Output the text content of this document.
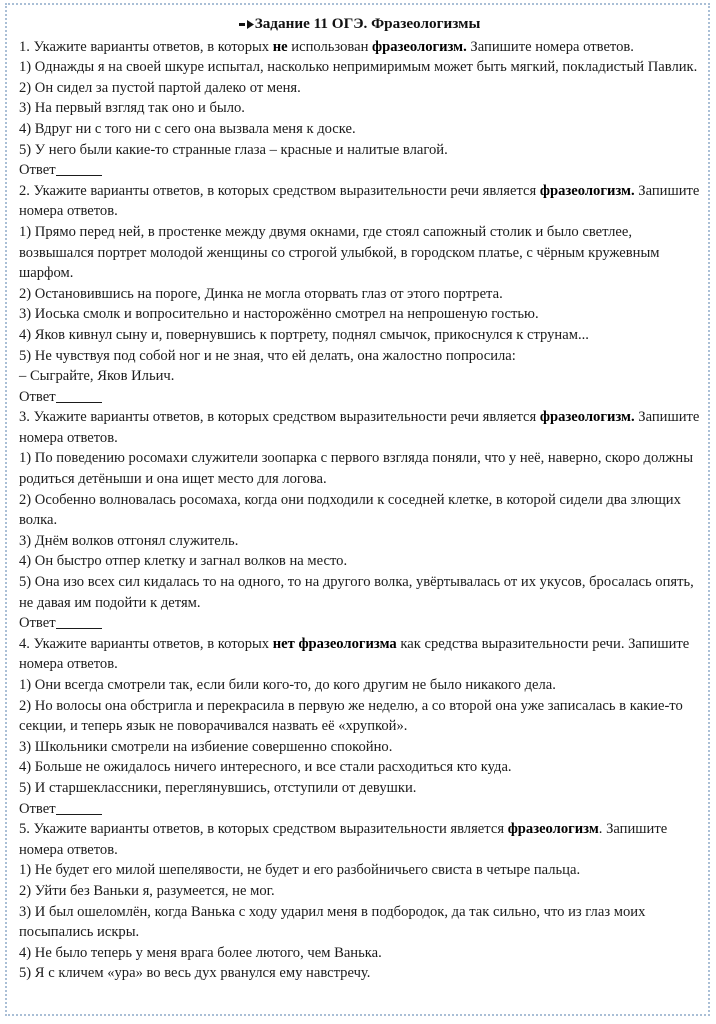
Задание 11 ОГЭ. Фразеологизмы

1. Укажите варианты ответов, в которых не использован фразеологизм. Запишите номера ответов.

1) Однажды я на своей шкуре испытал, насколько непримиримым может быть мягкий, покладистый Павлик.

2) Он сидел за пустой партой далеко от меня.

3) На первый взгляд так оно и было.

4) Вдруг ни с того ни с сего она вызвала меня к доске.

5) У него были какие-то странные глаза – красные и налитые влагой.

Ответ

2. Укажите варианты ответов, в которых средством выразительности речи является фразеологизм. Запишите номера ответов.

1) Прямо перед ней, в простенке между двумя окнами, где стоял сапожный столик и было светлее, возвышался портрет молодой женщины со строгой улыбкой, в городском платье, с чёрным кружевным шарфом.

2) Остановившись на пороге, Динка не могла оторвать глаз от этого портрета.

3) Иоська смолк и вопросительно и насторожённо смотрел на непрошеную гостью.

4) Яков кивнул сыну и, повернувшись к портрету, поднял смычок, прикоснулся к струнам...

5) Не чувствуя под собой ног и не зная, что ей делать, она жалостно попросила:

– Сыграйте, Яков Ильич.

Ответ

3. Укажите варианты ответов, в которых средством выразительности речи является фразеологизм. Запишите номера ответов.

1) По поведению росомахи служители зоопарка с первого взгляда поняли, что у неё, наверно, скоро должны родиться детёныши и она ищет место для логова.

2) Особенно волновалась росомаха, когда они подходили к соседней клетке, в которой сидели два злющих волка.

3) Днём волков отгонял служитель.

4) Он быстро отпер клетку и загнал волков на место.

5) Она изо всех сил кидалась то на одного, то на другого волка, увёртывалась от их укусов, бросалась опять, не давая им подойти к детям.

Ответ

4. Укажите варианты ответов, в которых нет фразеологизма как средства выразительности речи. Запишите номера ответов.

1) Они всегда смотрели так, если били кого-то, до кого другим не было никакого дела.

2) Но волосы она обстригла и перекрасила в первую же неделю, а со второй она уже записалась в какие-то секции, и теперь язык не поворачивался назвать её «хрупкой».

3) Школьники смотрели на избиение совершенно спокойно.

4) Больше не ожидалось ничего интересного, и все стали расходиться кто куда.

5) И старшеклассники, переглянувшись, отступили от девушки.

Ответ

5. Укажите варианты ответов, в которых средством выразительности является фразеологизм. Запишите номера ответов.

1) Не будет его милой шепелявости, не будет и его разбойничьего свиста в четыре пальца.

2) Уйти без Ваньки я, разумеется, не мог.

3) И был ошеломлён, когда Ванька с ходу ударил меня в подбородок, да так сильно, что из глаз моих посыпались искры.

4) Не было теперь у меня врага более лютого, чем Ванька.

5) Я с кличем «ура» во весь дух рванулся ему навстречу.
